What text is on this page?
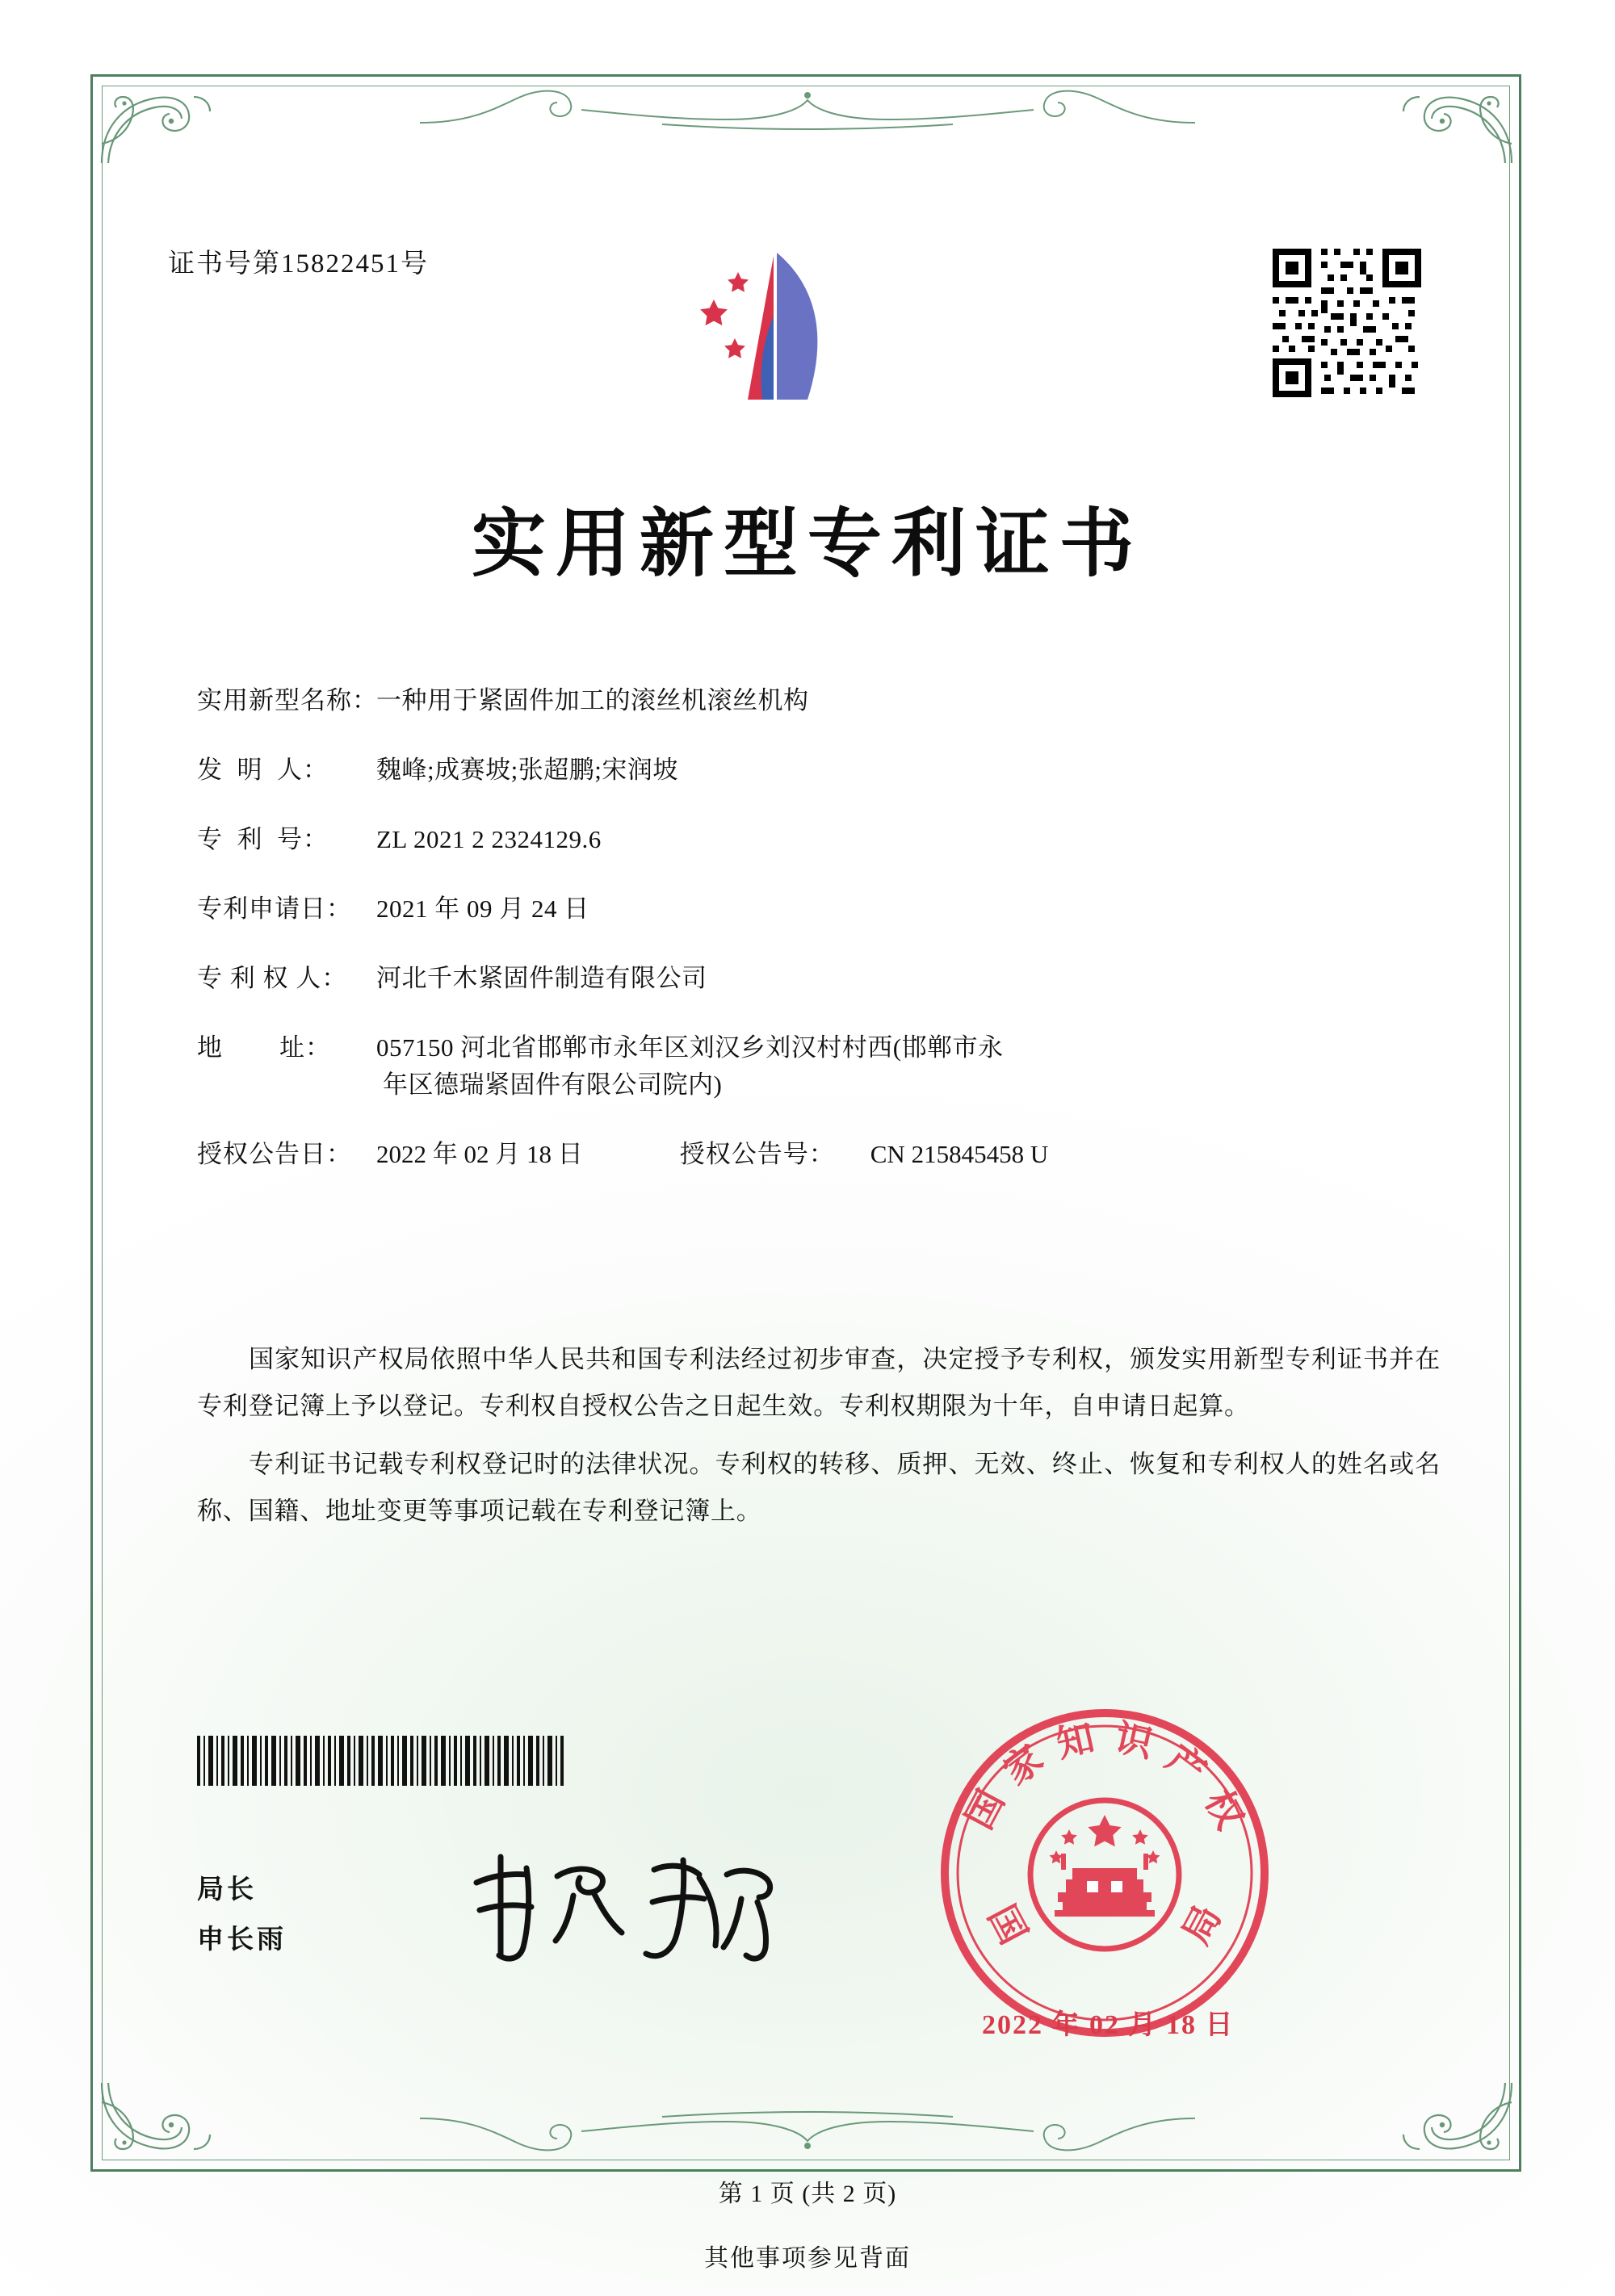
证书号第15822451号
实用新型专利证书
实用新型名称：
一种用于紧固件加工的滚丝机滚丝机构
发  明  人：	魏峰;成赛坡;张超鹏;宋润坡
专  利  号：	ZL 2021 2 2324129.6
专利申请日： 2021 年 09 月 24 日
专 利 权 人：	河北千木紧固件制造有限公司
地        址：	057150 河北省邯郸市永年区刘汉乡刘汉村村西(邯郸市永
年区德瑞紧固件有限公司院内)
授权公告日： 2022 年 02 月 18 日	授权公告号：	CN 215845458 U

国家知识产权局依照中华人民共和国专利法经过初步审查，决定授予专利权，颁发实用新型专利证书并在专利登记簿上予以登记。专利权自授权公告之日起生效。专利权期限为十年，自申请日起算。

专利证书记载专利权登记时的法律状况。专利权的转移、质押、无效、终止、恢复和专利权人的姓名或名称、国籍、地址变更等事项记载在专利登记簿上。

局长
申长雨
国
家 知 识 产
权
局
国
2022 年 02 月 18 日
第 1 页 (共 2 页)
其他事项参见背面
